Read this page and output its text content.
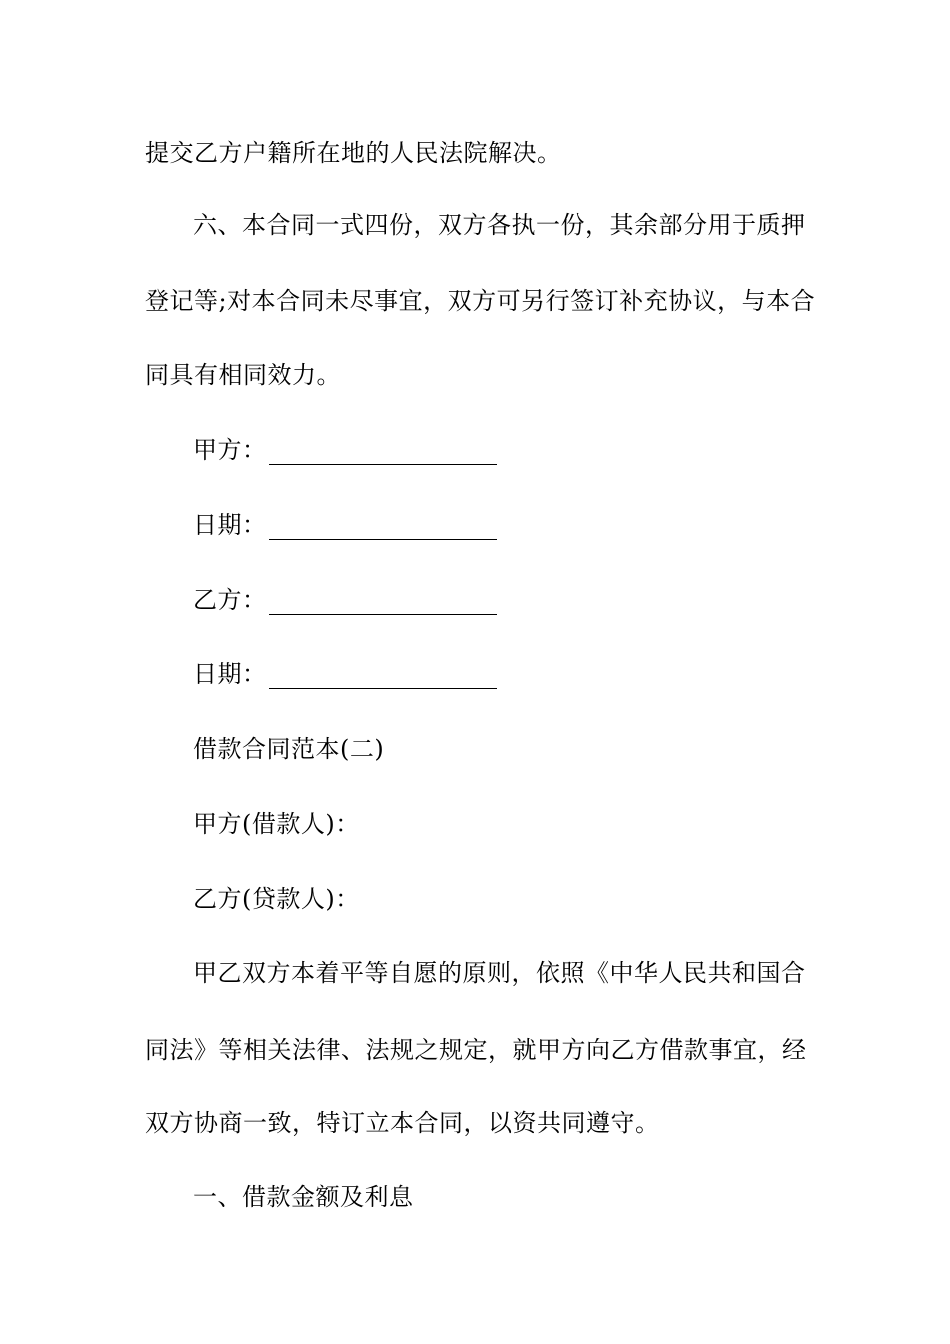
提交乙方户籍所在地的人民法院解决。
六、本合同一式四份，双方各执一份，其余部分用于质押
登记等;对本合同未尽事宜，双方可另行签订补充协议，与本合
同具有相同效力。
甲方：
日期：
乙方：
日期：
借款合同范本(二)
甲方(借款人)：
乙方(贷款人)：
甲乙双方本着平等自愿的原则，依照《中华人民共和国合
同法》等相关法律、法规之规定，就甲方向乙方借款事宜，经
双方协商一致，特订立本合同，以资共同遵守。
一、借款金额及利息
